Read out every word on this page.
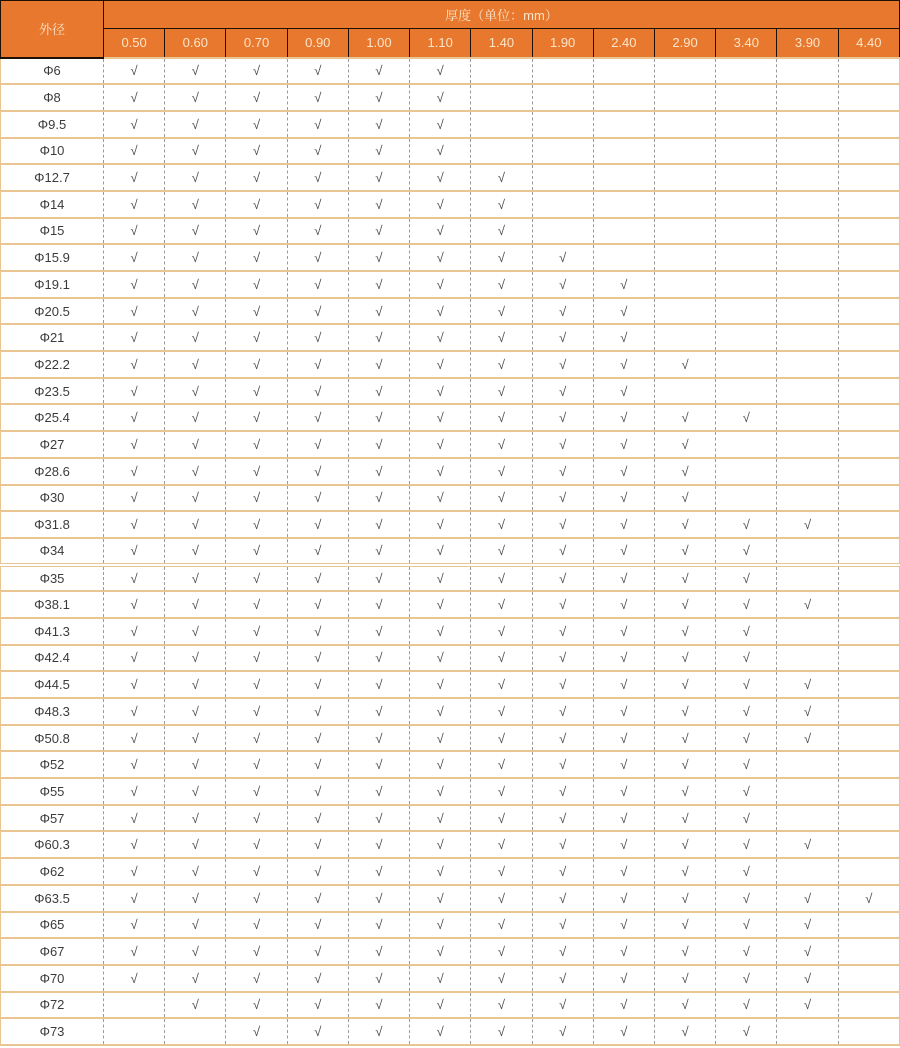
外径	厚度（单位：mm）												
	0.50	0.60	0.70	0.90	1.00	1.10	1.40	1.90	2.40	2.90	3.40	3.90	4.40
Φ6	√	√	√	√	√	√							
Φ8	√	√	√	√	√	√							
Φ9.5	√	√	√	√	√	√							
Φ10	√	√	√	√	√	√							
Φ12.7	√	√	√	√	√	√	√						
Φ14	√	√	√	√	√	√	√						
Φ15	√	√	√	√	√	√	√						
Φ15.9	√	√	√	√	√	√	√	√					
Φ19.1	√	√	√	√	√	√	√	√	√				
Φ20.5	√	√	√	√	√	√	√	√	√				
Φ21	√	√	√	√	√	√	√	√	√				
Φ22.2	√	√	√	√	√	√	√	√	√	√			
Φ23.5	√	√	√	√	√	√	√	√	√				
Φ25.4	√	√	√	√	√	√	√	√	√	√	√		
Φ27	√	√	√	√	√	√	√	√	√	√			
Φ28.6	√	√	√	√	√	√	√	√	√	√			
Φ30	√	√	√	√	√	√	√	√	√	√			
Φ31.8	√	√	√	√	√	√	√	√	√	√	√	√	
Φ34	√	√	√	√	√	√	√	√	√	√	√		
Φ35	√	√	√	√	√	√	√	√	√	√	√		
Φ38.1	√	√	√	√	√	√	√	√	√	√	√	√	
Φ41.3	√	√	√	√	√	√	√	√	√	√	√		
Φ42.4	√	√	√	√	√	√	√	√	√	√	√		
Φ44.5	√	√	√	√	√	√	√	√	√	√	√	√	
Φ48.3	√	√	√	√	√	√	√	√	√	√	√	√	
Φ50.8	√	√	√	√	√	√	√	√	√	√	√	√	
Φ52	√	√	√	√	√	√	√	√	√	√	√		
Φ55	√	√	√	√	√	√	√	√	√	√	√		
Φ57	√	√	√	√	√	√	√	√	√	√	√		
Φ60.3	√	√	√	√	√	√	√	√	√	√	√	√	
Φ62	√	√	√	√	√	√	√	√	√	√	√		
Φ63.5	√	√	√	√	√	√	√	√	√	√	√	√	√
Φ65	√	√	√	√	√	√	√	√	√	√	√	√	
Φ67	√	√	√	√	√	√	√	√	√	√	√	√	
Φ70	√	√	√	√	√	√	√	√	√	√	√	√	
Φ72		√	√	√	√	√	√	√	√	√	√	√	
Φ73			√	√	√	√	√	√	√	√	√		
